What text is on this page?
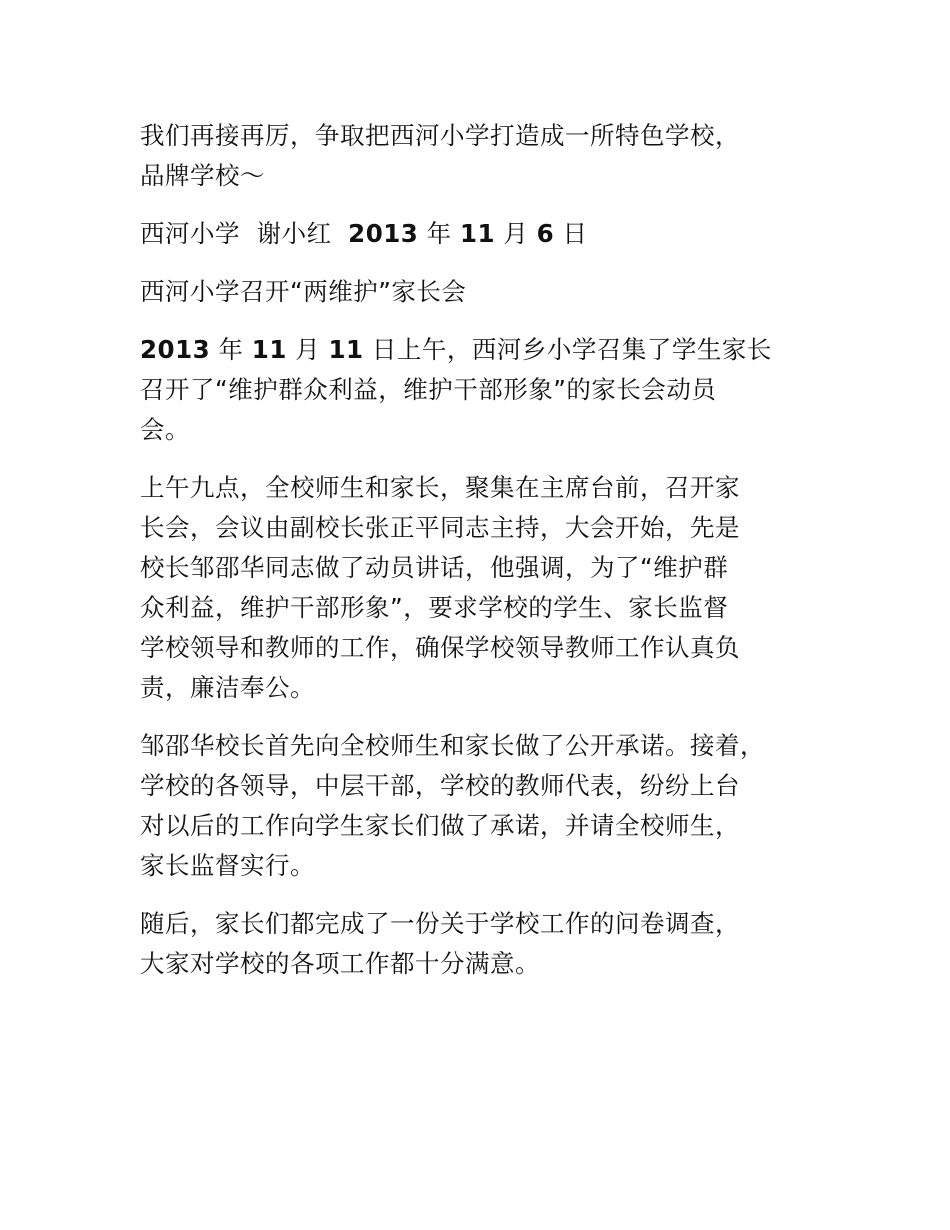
我们再接再厉，争取把西河小学打造成一所特色学校，
品牌学校～

西河小学 谢小红 2013 年 11 月 6 日

西河小学召开“两维护”家长会

2013 年 11 月 11 日上午，西河乡小学召集了学生家长
召开了“维护群众利益，维护干部形象”的家长会动员
会。

上午九点，全校师生和家长，聚集在主席台前，召开家
长会，会议由副校长张正平同志主持，大会开始，先是
校长邹邵华同志做了动员讲话，他强调，为了“维护群
众利益，维护干部形象”，要求学校的学生、家长监督
学校领导和教师的工作，确保学校领导教师工作认真负
责，廉洁奉公。

邹邵华校长首先向全校师生和家长做了公开承诺。接着，
学校的各领导，中层干部，学校的教师代表，纷纷上台
对以后的工作向学生家长们做了承诺，并请全校师生，
家长监督实行。

随后，家长们都完成了一份关于学校工作的问卷调查，
大家对学校的各项工作都十分满意。
